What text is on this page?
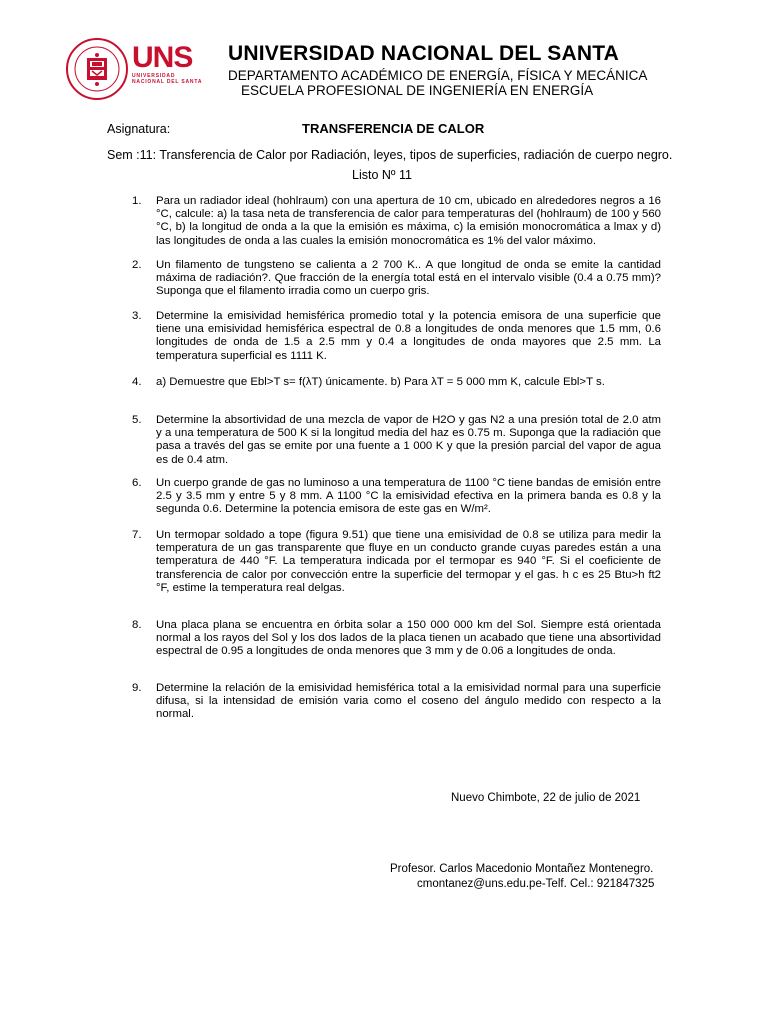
UNS
UNIVERSIDAD
NACIONAL DEL SANTA
UNIVERSIDAD NACIONAL DEL SANTA
DEPARTAMENTO ACADÉMICO DE ENERGÍA, FÍSICA Y MECÁNICA
ESCUELA PROFESIONAL DE INGENIERÍA EN ENERGÍA
Asignatura:	TRANSFERENCIA DE CALOR
Sem :11: Transferencia de Calor por Radiación, leyes, tipos de superficies, radiación de cuerpo negro.
Listo Nº 11
1. Para un radiador ideal (hohlraum) con una apertura de 10 cm, ubicado en alrededores negros a 16 °C, calcule: a) la tasa neta de transferencia de calor para temperaturas del (hohlraum) de 100 y 560 °C, b) la longitud de onda a la que la emisión es máxima, c) la emisión monocromática a lmax y d) las longitudes de onda a las cuales la emisión monocromática es 1% del valor máximo.
2. Un filamento de tungsteno se calienta a 2 700 K.. A que longitud de onda se emite la cantidad máxima de radiación?. Que fracción de la energía total está en el intervalo visible (0.4 a 0.75 mm)? Suponga que el filamento irradia como un cuerpo gris.
3. Determine la emisividad hemisférica promedio total y la potencia emisora de una superficie que tiene una emisividad hemisférica espectral de 0.8 a longitudes de onda menores que 1.5 mm, 0.6 longitudes de onda de 1.5 a 2.5 mm y 0.4 a longitudes de onda mayores que 2.5 mm. La temperatura superficial es 1111 K.
4. a) Demuestre que Ebl>T s= f(λT) únicamente. b) Para λT = 5 000 mm K, calcule Ebl>T s.
5. Determine la absortividad de una mezcla de vapor de H2O y gas N2 a una presión total de 2.0 atm y a una temperatura de 500 K si la longitud media del haz es 0.75 m. Suponga que la radiación que pasa a través del gas se emite por una fuente a 1 000 K y que la presión parcial del vapor de agua es de 0.4 atm.
6. Un cuerpo grande de gas no luminoso a una temperatura de 1100 °C tiene bandas de emisión entre 2.5 y 3.5 mm y entre 5 y 8 mm. A 1100 °C la emisividad efectiva en la primera banda es 0.8 y la segunda 0.6. Determine la potencia emisora de este gas en W/m².
7. Un termopar soldado a tope (figura 9.51) que tiene una emisividad de 0.8 se utiliza para medir la temperatura de un gas transparente que fluye en un conducto grande cuyas paredes están a una temperatura de 440 °F. La temperatura indicada por el termopar es 940 °F. Si el coeficiente de transferencia de calor por convección entre la superficie del termopar y el gas. h c es 25 Btu>h ft2 °F, estime la temperatura real delgas.
8. Una placa plana se encuentra en órbita solar a 150 000 000 km del Sol. Siempre está orientada normal a los rayos del Sol y los dos lados de la placa tienen un acabado que tiene una absortividad espectral de 0.95 a longitudes de onda menores que 3 mm y de 0.06 a longitudes de onda.
9. Determine la relación de la emisividad hemisférica total a la emisividad normal para una superficie difusa, si la intensidad de emisión varia como el coseno del ángulo medido con respecto a la normal.
Nuevo Chimbote, 22 de julio de 2021
Profesor. Carlos Macedonio Montañez Montenegro.
cmontanez@uns.edu.pe-Telf. Cel.: 921847325
